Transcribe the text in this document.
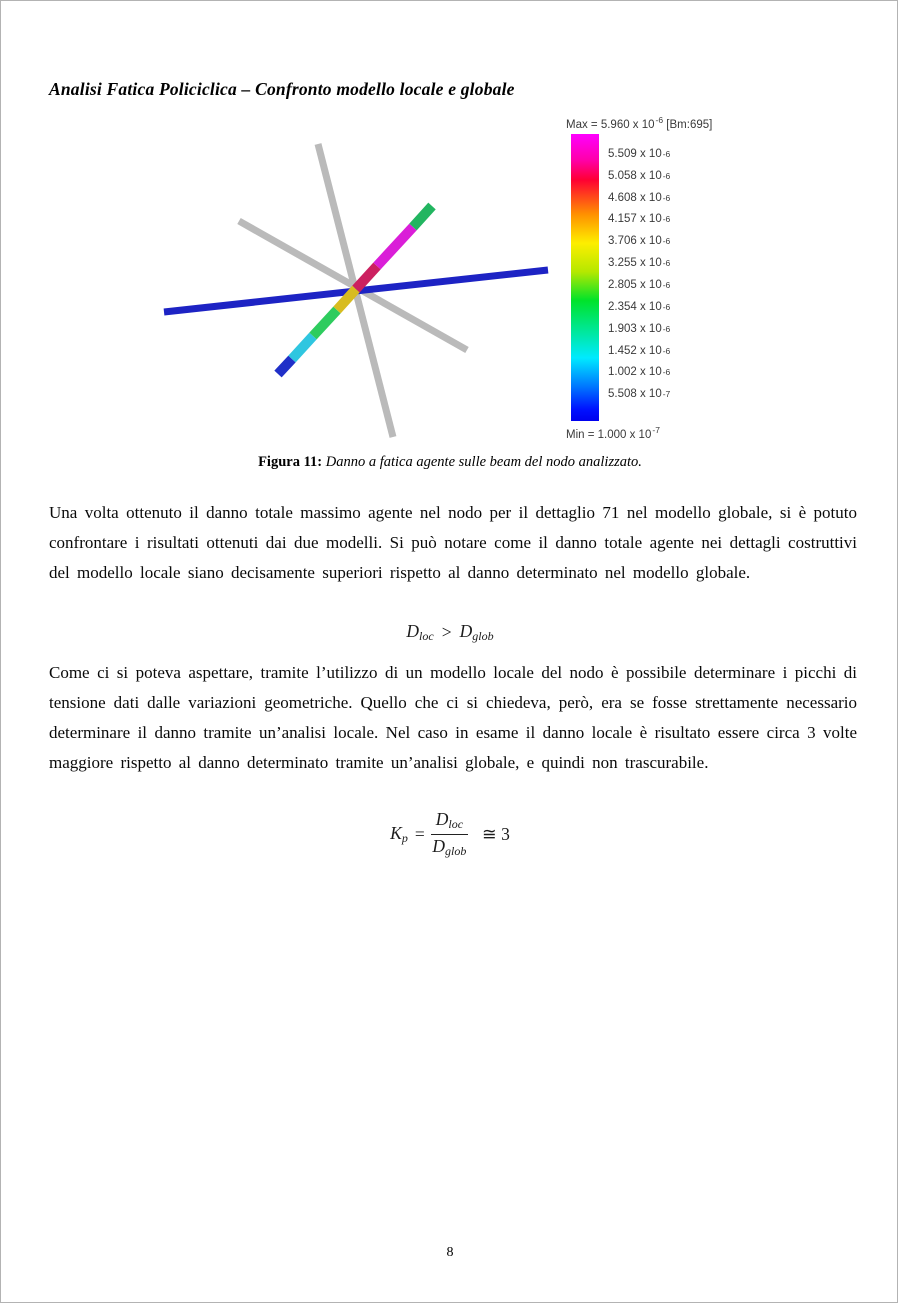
Analisi Fatica Policiclica – Confronto modello locale e globale
Max = 5.960 x $10^{-6}$ [Bm:695]
5.509 x 10 -6
5.058 x 10 -6
4.608 x 10 -6
4.157 x 10 -6
3.706 x 10 -6
3.255 x 10 -6
2.805 x 10 -6
2.354 x 10 -6
1.903 x 10 -6
1.452 x 10 -6
1.002 x 10 -6
5.508 x 10 -7
Min = 1.000 x $10^{-7}$
Figura 11: Danno a fatica agente sulle beam del nodo analizzato.
Una volta ottenuto il danno totale massimo agente nel nodo per il dettaglio 71 nel modello globale, si è potuto confrontare i risultati ottenuti dai due modelli. Si può notare come il danno totale agente nei dettagli costruttivi del modello locale siano decisamente superiori rispetto al danno determinato nel modello globale.
$D_{loc} > D_{glob}$
Come ci si poteva aspettare, tramite l’utilizzo di un modello locale del nodo è possibile determinare i picchi di tensione dati dalle variazioni geometriche. Quello che ci si chiedeva, però, era se fosse strettamente necessario determinare il danno tramite un’analisi locale. Nel caso in esame il danno locale è risultato essere circa 3 volte maggiore rispetto al danno determinato tramite un’analisi globale, e quindi non trascurabile.
$K_p = \frac{D_{loc}}{D_{glob}}$ ≅ 3
8
